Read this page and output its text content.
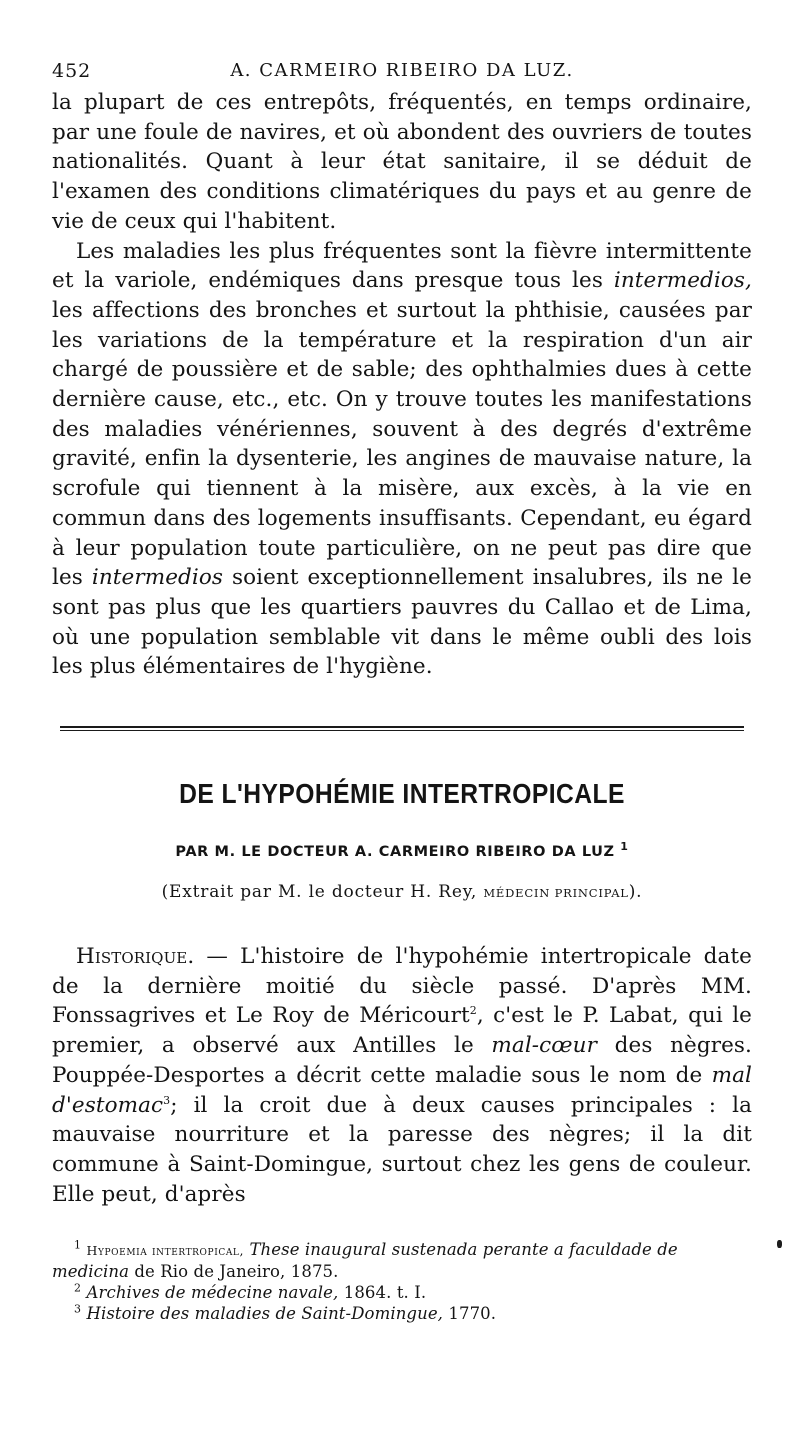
452	A. CARMEIRO RIBEIRO DA LUZ.

la plupart de ces entrepôts, fréquentés, en temps ordinaire, par une foule de navires, et où abondent des ouvriers de toutes nationalités. Quant à leur état sanitaire, il se déduit de l'examen des conditions climatériques du pays et au genre de vie de ceux qui l'habitent.

Les maladies les plus fréquentes sont la fièvre intermittente et la variole, endémiques dans presque tous les intermedios, les affections des bronches et surtout la phthisie, causées par les variations de la température et la respiration d'un air chargé de poussière et de sable; des ophthalmies dues à cette dernière cause, etc., etc. On y trouve toutes les manifestations des maladies vénériennes, souvent à des degrés d'extrême gravité, enfin la dysenterie, les angines de mauvaise nature, la scrofule qui tiennent à la misère, aux excès, à la vie en commun dans des logements insuffisants. Cependant, eu égard à leur population toute particulière, on ne peut pas dire que les intermedios soient exceptionnellement insalubres, ils ne le sont pas plus que les quartiers pauvres du Callao et de Lima, où une population semblable vit dans le même oubli des lois les plus élémentaires de l'hygiène.

DE L'HYPOHÉMIE INTERTROPICALE
PAR M. LE DOCTEUR A. CARMEIRO RIBEIRO DA LUZ $^1$
(Extrait par M. le docteur H. Rey, MÉDECIN PRINCIPAL).

Historique. — L'histoire de l'hypohémie intertropicale date de la dernière moitié du siècle passé. D'après MM. Fonssagrives et Le Roy de Méricourt$^2$, c'est le P. Labat, qui le premier, a observé aux Antilles le mal-cœur des nègres. Pouppée-Desportes a décrit cette maladie sous le nom de mal d'estomac$^3$; il la croit due à deux causes principales : la mauvaise nourriture et la paresse des nègres; il la dit commune à Saint-Domingue, surtout chez les gens de couleur. Elle peut, d'après

$^1$ Hypoemia intertropical, These inaugural sustenada perante a faculdade de medicina de Rio de Janeiro, 1875.

$^2$ Archives de médecine navale, 1864. t. I.

$^3$ Histoire des maladies de Saint-Domingue, 1770.
